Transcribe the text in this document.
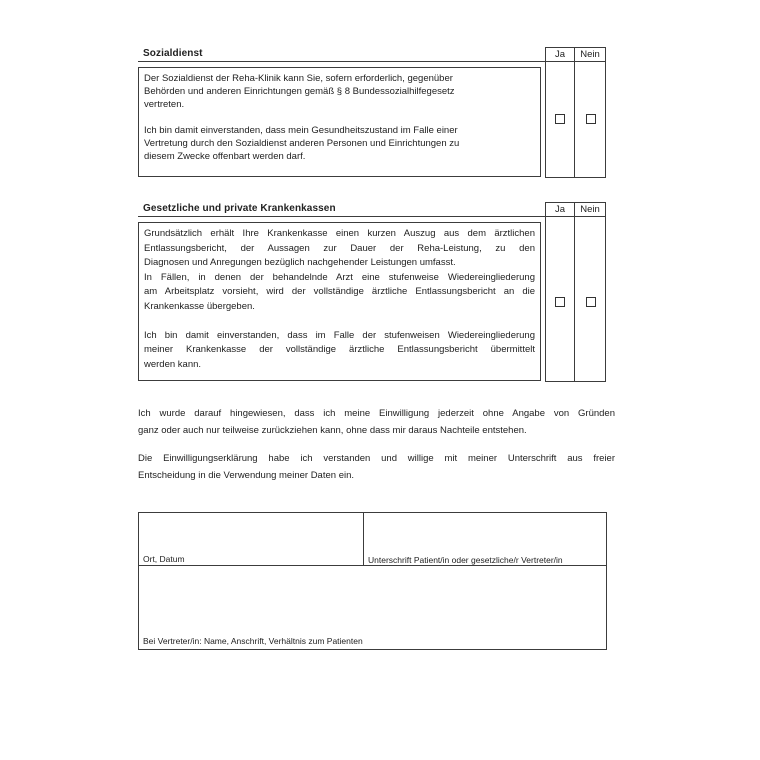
Sozialdienst	Ja	Nein
Der Sozialdienst der Reha-Klinik kann Sie, sofern erforderlich, gegenüber
Behörden und anderen Einrichtungen gemäß § 8 Bundessozialhilfegesetz
vertreten.
Ich bin damit einverstanden, dass mein Gesundheitszustand im Falle einer
Vertretung durch den Sozialdienst anderen Personen und Einrichtungen zu
diesem Zwecke offenbart werden darf.
Gesetzliche und private Krankenkassen	Ja	Nein
Grundsätzlich erhält Ihre Krankenkasse einen kurzen Auszug aus dem ärztlichen
Entlassungsbericht, der Aussagen zur Dauer der Reha-Leistung, zu den
Diagnosen und Anregungen bezüglich nachgehender Leistungen umfasst.
In Fällen, in denen der behandelnde Arzt eine stufenweise Wiedereingliederung
am Arbeitsplatz vorsieht, wird der vollständige ärztliche Entlassungsbericht an die
Krankenkasse übergeben.
Ich bin damit einverstanden, dass im Falle der stufenweisen Wiedereingliederung
meiner Krankenkasse der vollständige ärztliche Entlassungsbericht übermittelt
werden kann.
Ich wurde darauf hingewiesen, dass ich meine Einwilligung jederzeit ohne Angabe von Gründen
ganz oder auch nur teilweise zurückziehen kann, ohne dass mir daraus Nachteile entstehen.
Die Einwilligungserklärung habe ich verstanden und willige mit meiner Unterschrift aus freier
Entscheidung in die Verwendung meiner Daten ein.
Ort, Datum	Unterschrift Patient/in oder gesetzliche/r Vertreter/in
Bei Vertreter/in: Name, Anschrift, Verhältnis zum Patienten
